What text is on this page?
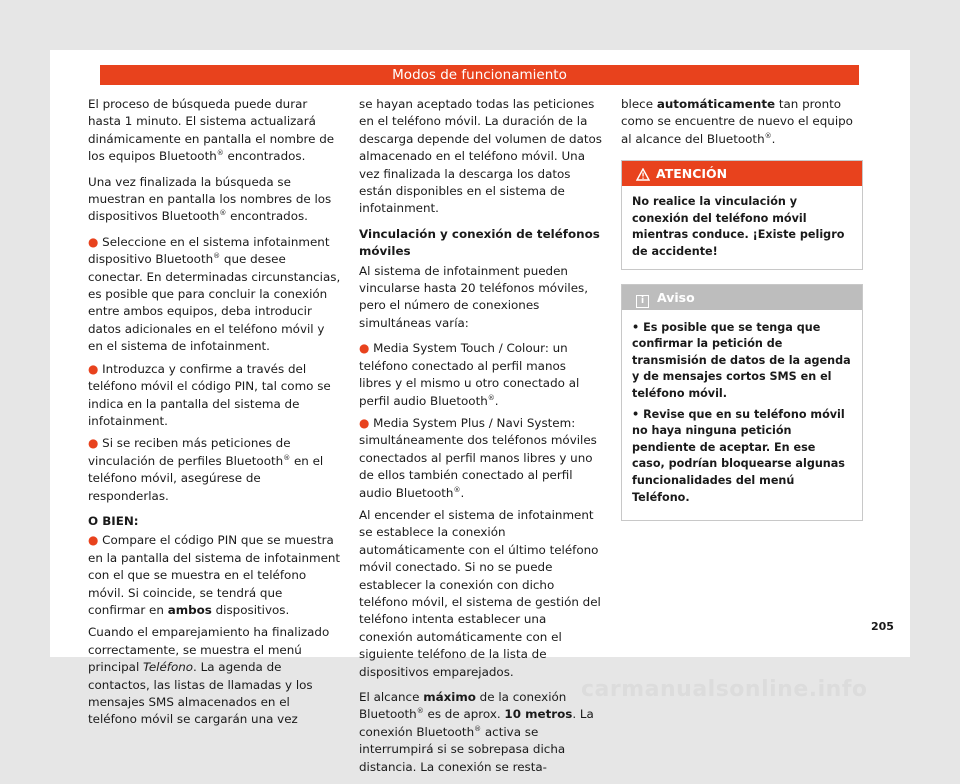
Modos de funcionamiento

El proceso de búsqueda puede durar hasta 1 minuto. El sistema actualizará dinámicamente en pantalla el nombre de los equipos Bluetooth® encontrados.

Una vez finalizada la búsqueda se muestran en pantalla los nombres de los dispositivos Bluetooth® encontrados.

● Seleccione en el sistema infotainment dispositivo Bluetooth® que desee conectar. En determinadas circunstancias, es posible que para concluir la conexión entre ambos equipos, deba introducir datos adicionales en el teléfono móvil y en el sistema de infotainment.

● Introduzca y confirme a través del teléfono móvil el código PIN, tal como se indica en la pantalla del sistema de infotainment.

● Si se reciben más peticiones de vinculación de perfiles Bluetooth® en el teléfono móvil, asegúrese de responderlas.

O BIEN:

● Compare el código PIN que se muestra en la pantalla del sistema de infotainment con el que se muestra en el teléfono móvil. Si coincide, se tendrá que confirmar en ambos dispositivos.

Cuando el emparejamiento ha finalizado correctamente, se muestra el menú principal Teléfono. La agenda de contactos, las listas de llamadas y los mensajes SMS almacenados en el teléfono móvil se cargarán una vez

se hayan aceptado todas las peticiones en el teléfono móvil. La duración de la descarga depende del volumen de datos almacenado en el teléfono móvil. Una vez finalizada la descarga los datos están disponibles en el sistema de infotainment.

Vinculación y conexión de teléfonos móviles

Al sistema de infotainment pueden vincularse hasta 20 teléfonos móviles, pero el número de conexiones simultáneas varía:

● Media System Touch / Colour: un teléfono conectado al perfil manos libres y el mismo u otro conectado al perfil audio Bluetooth®.

● Media System Plus / Navi System: simultáneamente dos teléfonos móviles conectados al perfil manos libres y uno de ellos también conectado al perfil audio Bluetooth®.

Al encender el sistema de infotainment se establece la conexión automáticamente con el último teléfono móvil conectado. Si no se puede establecer la conexión con dicho teléfono móvil, el sistema de gestión del teléfono intenta establecer una conexión automáticamente con el siguiente teléfono de la lista de dispositivos emparejados.

El alcance máximo de la conexión Bluetooth® es de aprox. 10 metros. La conexión Bluetooth® activa se interrumpirá si se sobrepasa dicha distancia. La conexión se resta-

blece automáticamente tan pronto como se encuentre de nuevo el equipo al alcance del Bluetooth®.

ATENCIÓN
No realice la vinculación y conexión del teléfono móvil mientras conduce. ¡Existe peligro de accidente!
i Aviso

• Es posible que se tenga que confirmar la petición de transmisión de datos de la agenda y de mensajes cortos SMS en el teléfono móvil.

• Revise que en su teléfono móvil no haya ninguna petición pendiente de aceptar. En ese caso, podrían bloquearse algunas funcionalidades del menú Teléfono.

205
carmanualsonline.info
